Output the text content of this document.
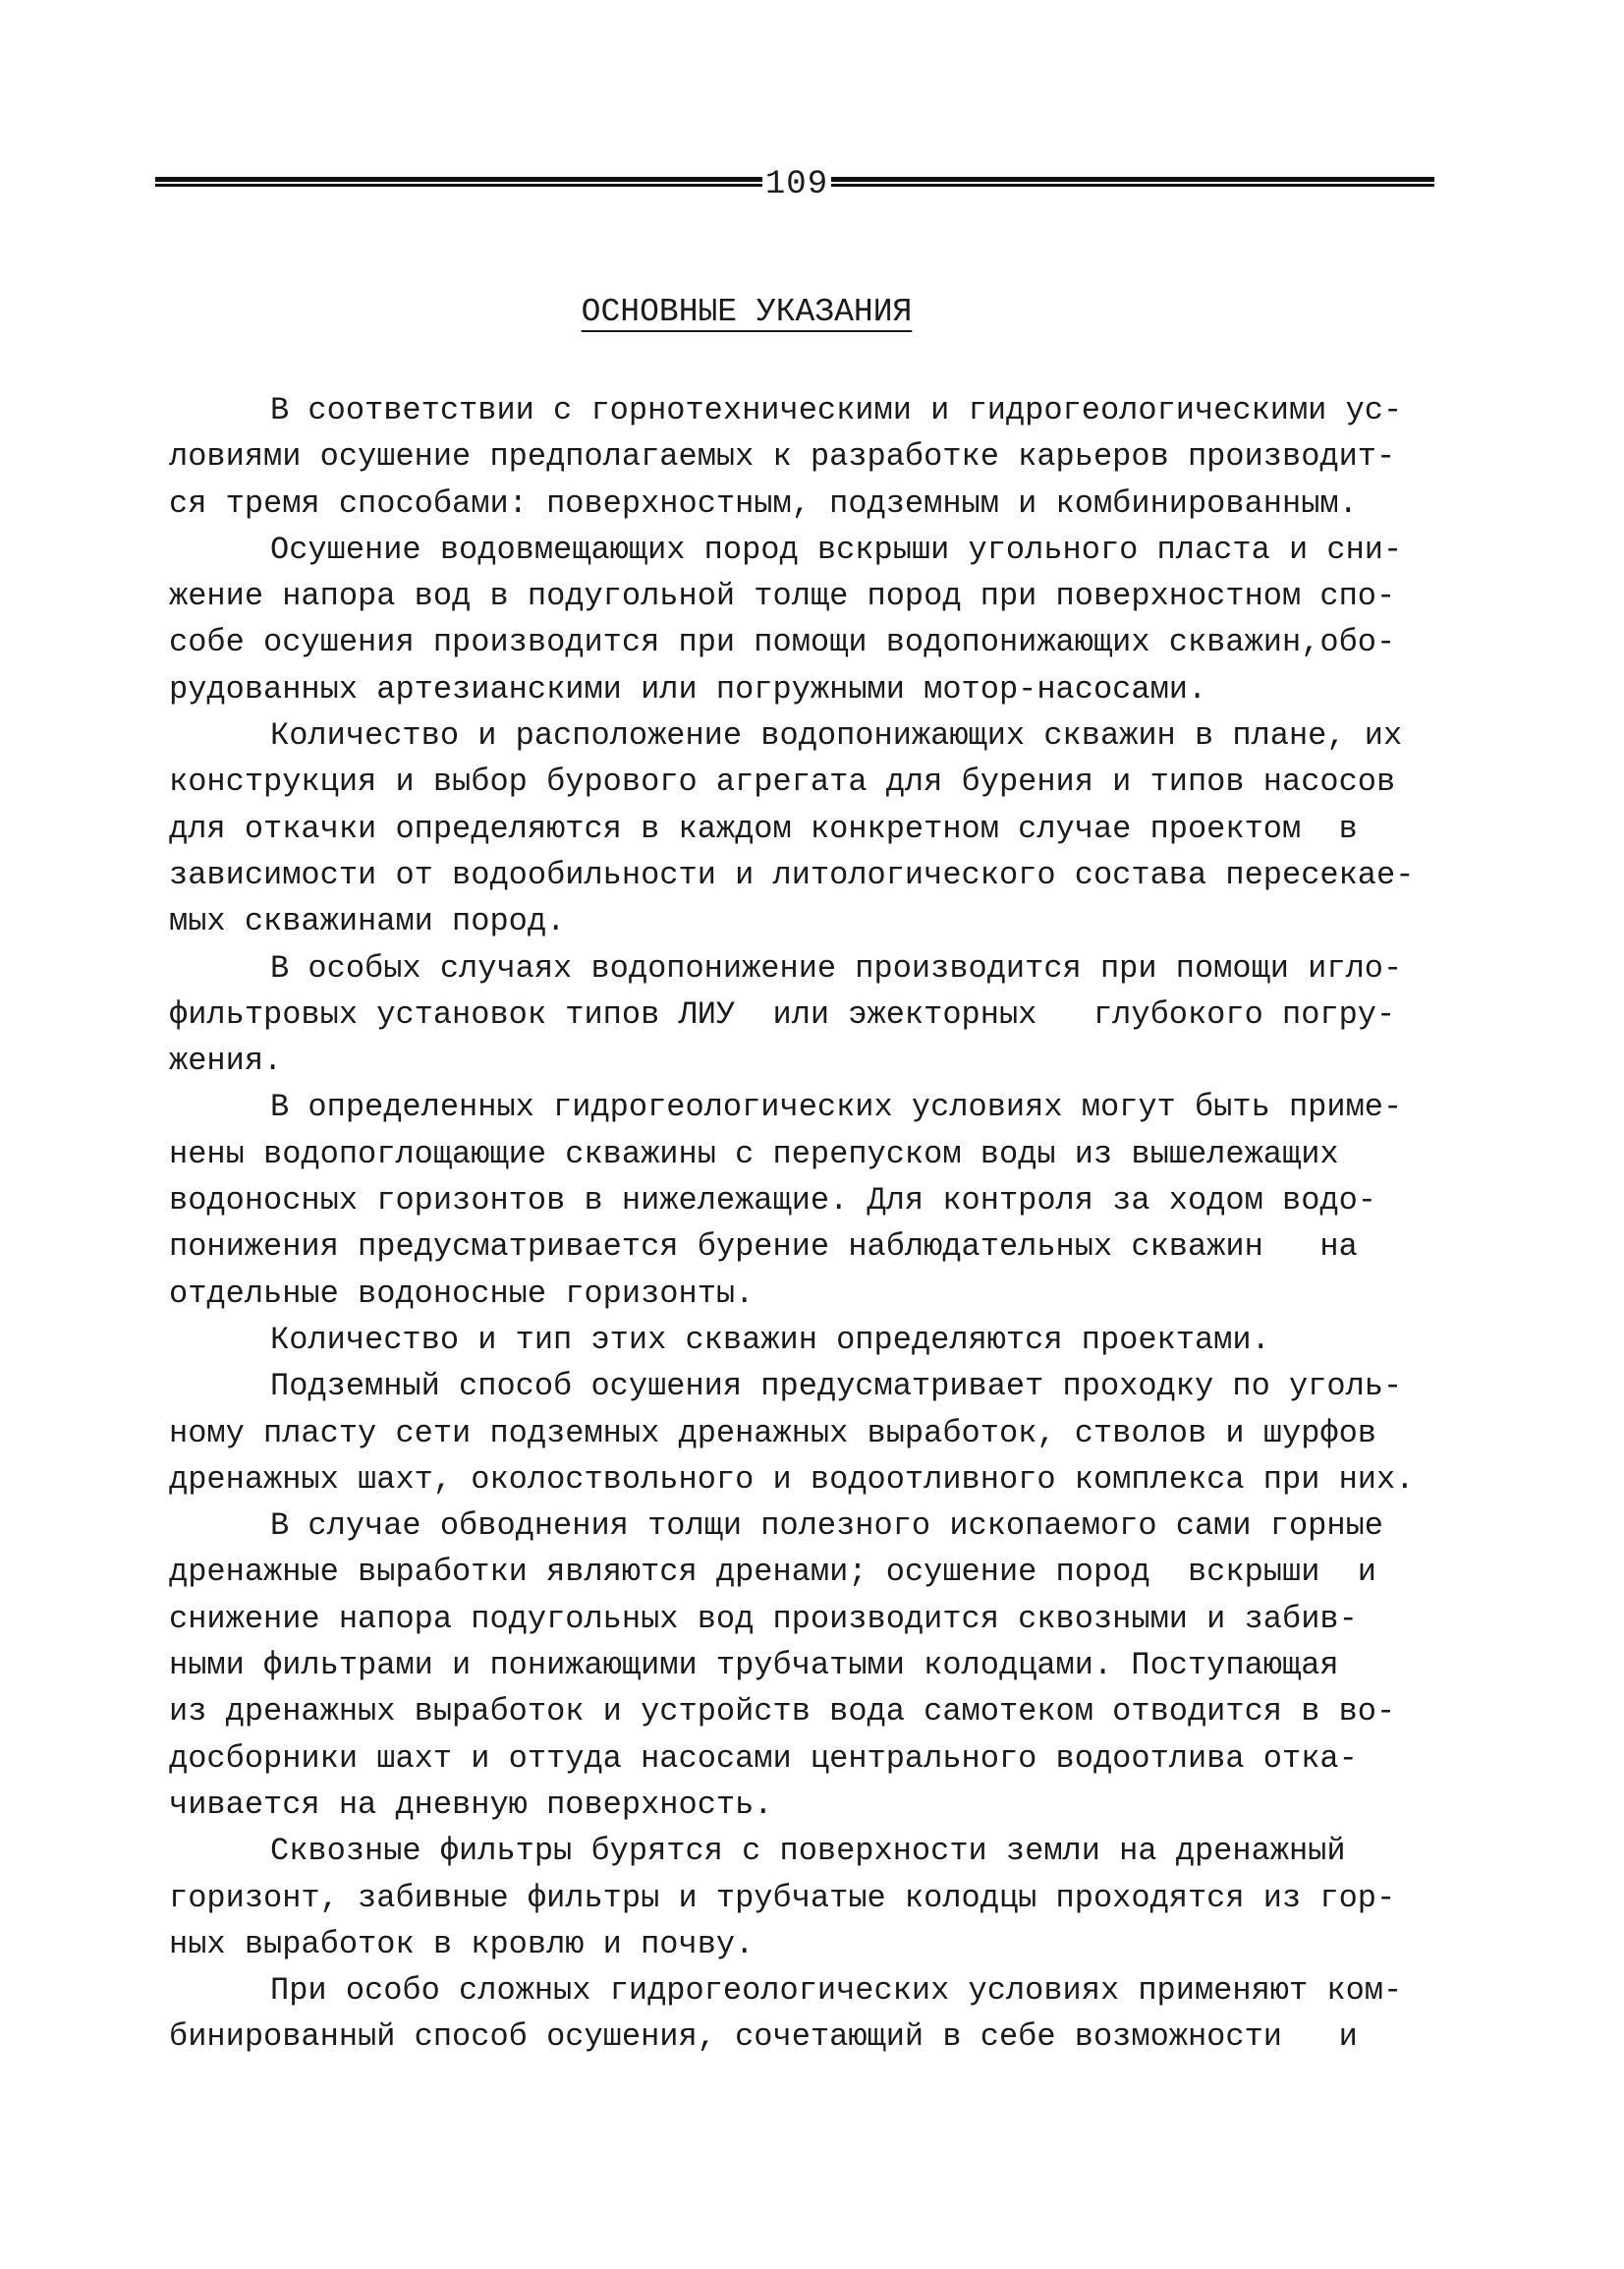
109
ОСНОВНЫЕ УКАЗАНИЯ
В соответствии с горнотехническими и гидрогеологическими ус-
ловиями осушение предполагаемых к разработке карьеров производит-
ся тремя способами: поверхностным, подземным и комбинированным.
Осушение водовмещающих пород вскрыши угольного пласта и сни-
жение напора вод в подугольной толще пород при поверхностном спо-
собе осушения производится при помощи водопонижающих скважин,обо-
рудованных артезианскими или погружными мотор-насосами.
Количество и расположение водопонижающих скважин в плане, их
конструкция и выбор бурового агрегата для бурения и типов насосов
для откачки определяются в каждом конкретном случае проектом  в
зависимости от водообильности и литологического состава пересекае-
мых скважинами пород.
В особых случаях водопонижение производится при помощи игло-
фильтровых установок типов ЛИУ  или эжекторных   глубокого погру-
жения.
В определенных гидрогеологических условиях могут быть приме-
нены водопоглощающие скважины с перепуском воды из вышележащих
водоносных горизонтов в нижележащие. Для контроля за ходом водо-
понижения предусматривается бурение наблюдательных скважин   на
отдельные водоносные горизонты.
Количество и тип этих скважин определяются проектами.
Подземный способ осушения предусматривает проходку по уголь-
ному пласту сети подземных дренажных выработок, стволов и шурфов
дренажных шахт, околоствольного и водоотливного комплекса при них.
В случае обводнения толщи полезного ископаемого сами горные
дренажные выработки являются дренами; осушение пород  вскрыши  и
снижение напора подугольных вод производится сквозными и забив-
ными фильтрами и понижающими трубчатыми колодцами. Поступающая
из дренажных выработок и устройств вода самотеком отводится в во-
доcборники шахт и оттуда насосами центрального водоотлива отка-
чивается на дневную поверхность.
Сквозные фильтры бурятся с поверхности земли на дренажный
горизонт, забивные фильтры и трубчатые колодцы проходятся из гор-
ных выработок в кровлю и почву.
При особо сложных гидрогеологических условиях применяют ком-
бинированный способ осушения, сочетающий в себе возможности   и
